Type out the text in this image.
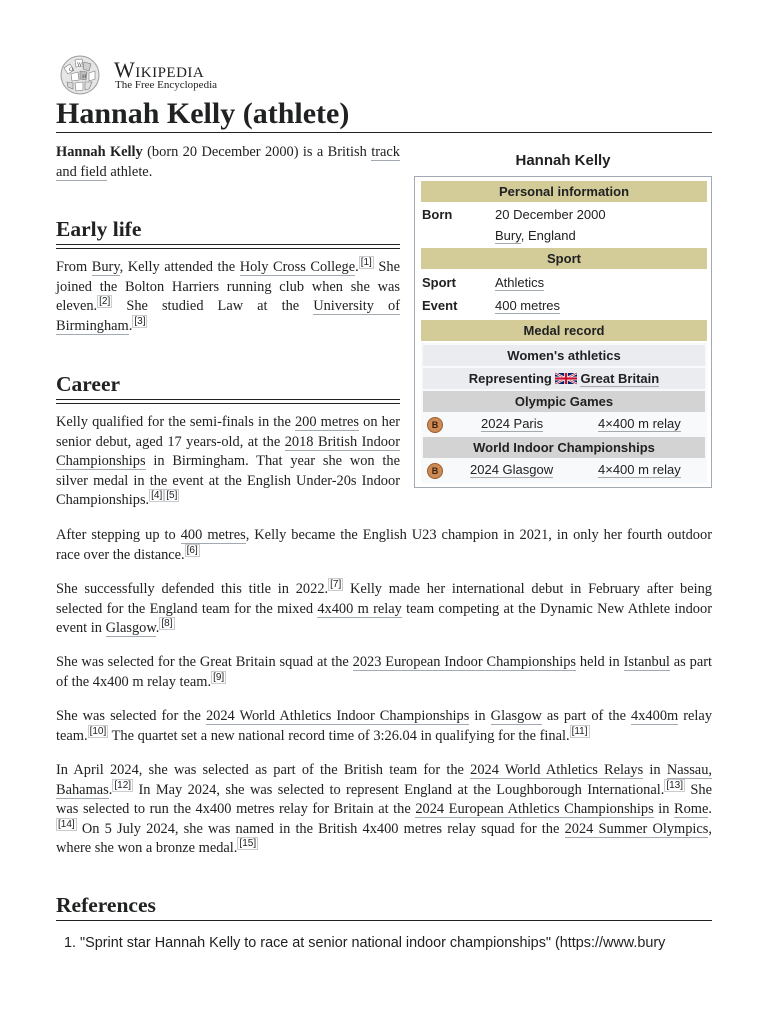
Ω
W
И Wikipedia
The Free Encyclopedia
Hannah Kelly (athlete)

Hannah Kelly (born 20 December 2000) is a British track and field athlete.

Early life

From Bury, Kelly attended the Holy Cross College. [1] She joined the Bolton Harriers running club when she was eleven. [2] She studied Law at the University of Birmingham. [3]

Career

Kelly qualified for the semi-finals in the 200 metres on her senior debut, aged 17 years-old, at the 2018 British Indoor Championships in Birmingham. That year she won the silver medal in the event at the English Under-20s Indoor Championships. [4] [5]

After stepping up to 400 metres, Kelly became the English U23 champion in 2021, in only her fourth outdoor race over the distance. [6]

She successfully defended this title in 2022. [7] Kelly made her international debut in February after being selected for the England team for the mixed 4x400 m relay team competing at the Dynamic New Athlete indoor event in Glasgow. [8]

She was selected for the Great Britain squad at the 2023 European Indoor Championships held in Istanbul as part of the 4x400 m relay team. [9]

She was selected for the 2024 World Athletics Indoor Championships in Glasgow as part of the 4x400m relay team. [10] The quartet set a new national record time of 3:26.04 in qualifying for the final. [11]

In April 2024, she was selected as part of the British team for the 2024 World Athletics Relays in Nassau, Bahamas. [12] In May 2024, she was selected to represent England at the Loughborough International. [13] She was selected to run the 4x400 metres relay for Britain at the 2024 European Athletics Championships in Rome.[14] On 5 July 2024, she was named in the British 4x400 metres relay squad for the 2024 Summer Olympics, where she won a bronze medal. [15]

References
1. "Sprint star Hannah Kelly to race at senior national indoor championships" (https://www.bury
Hannah Kelly
Personal information
Born	20 December 2000
Bury, England
Sport
Sport	Athletics
Event	400 metres
Medal record
Women's athletics
Representing Great Britain
Olympic Games
B	2024 Paris	4×400 m relay
World Indoor Championships
B	2024 Glasgow	4×400 m relay
